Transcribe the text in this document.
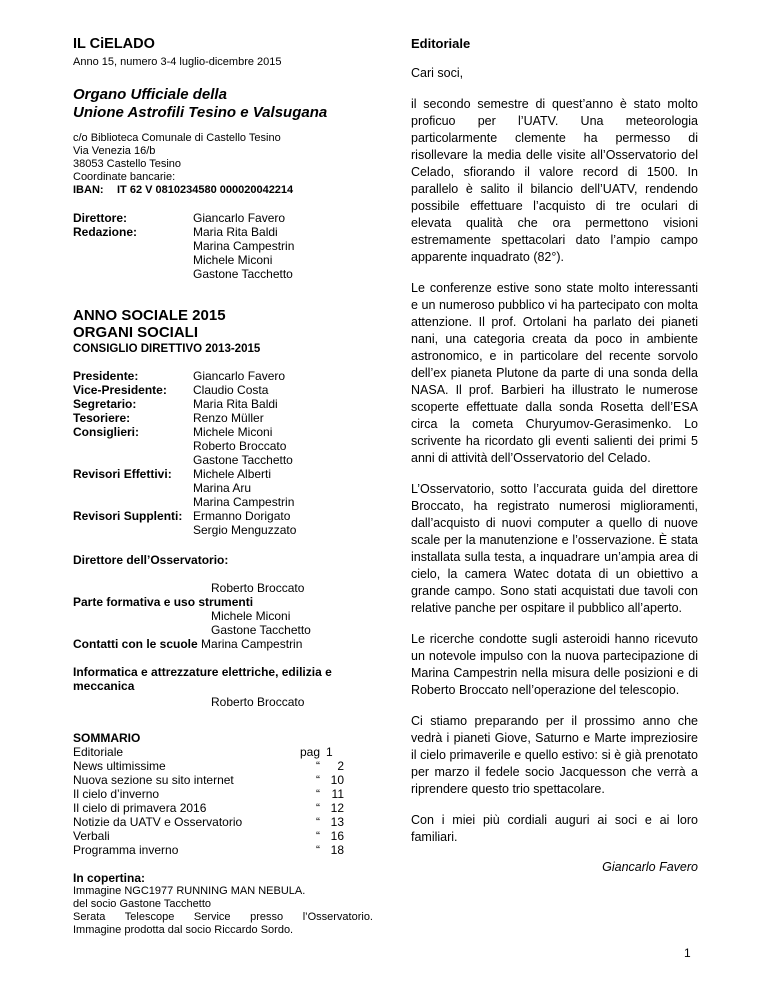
IL CiELADO
Anno 15, numero 3-4 luglio-dicembre 2015
Organo Ufficiale della
Unione Astrofili Tesino e Valsugana
c/o Biblioteca Comunale di Castello Tesino
Via Venezia 16/b
38053 Castello Tesino
Coordinate bancarie:
IBAN: IT 62 V 0810234580 000020042214
Direttore:	Giancarlo Favero
Redazione:	Maria Rita Baldi
Marina Campestrin
Michele Miconi
Gastone Tacchetto
ANNO SOCIALE 2015
ORGANI SOCIALI
CONSIGLIO DIRETTIVO 2013-2015
Presidente:	Giancarlo Favero
Vice-Presidente:	Claudio Costa
Segretario:	Maria Rita Baldi
Tesoriere:	Renzo Müller
Consiglieri:	Michele Miconi
Roberto Broccato
Gastone Tacchetto
Revisori Effettivi:	Michele Alberti
Marina Aru
Marina Campestrin
Revisori Supplenti: Ermanno Dorigato
Sergio Menguzzato
Direttore dell’Osservatorio:
Roberto Broccato
Parte formativa e uso strumenti
Michele Miconi
Gastone Tacchetto
Contatti con le scuole Marina Campestrin
Informatica e attrezzature elettriche, edilizia e
meccanica
Roberto Broccato
SOMMARIO
Editoriale	pag 1
News ultimissime	“	2
Nuova sezione su sito internet	“ 10
Il cielo d’inverno	“ 11
Il cielo di primavera 2016	“ 12
Notizie da UATV e Osservatorio	“ 13
Verbali	“ 16
Programma inverno	“ 18
In copertina:
Immagine NGC1977 RUNNING MAN NEBULA.
del socio Gastone Tacchetto
Serata Telescope Service presso l’Osservatorio.
Immagine prodotta dal socio Riccardo Sordo.
Editoriale

Cari soci,

il secondo semestre di quest’anno è stato molto proficuo per l’UATV. Una meteorologia particolarmente clemente ha permesso di risollevare la media delle visite all’Osservatorio del Celado, sfiorando il valore record di 1500. In parallelo è salito il bilancio dell’UATV, rendendo possibile effettuare l’acquisto di tre oculari di elevata qualità che ora permettono visioni estremamente spettacolari dato l’ampio campo apparente inquadrato (82°).

Le conferenze estive sono state molto interessanti e un numeroso pubblico vi ha partecipato con molta attenzione. Il prof. Ortolani ha parlato dei pianeti nani, una categoria creata da poco in ambiente astronomico, e in particolare del recente sorvolo dell’ex pianeta Plutone da parte di una sonda della NASA. Il prof. Barbieri ha illustrato le numerose scoperte effettuate dalla sonda Rosetta dell’ESA circa la cometa Churyumov-Gerasimenko. Lo scrivente ha ricordato gli eventi salienti dei primi 5 anni di attività dell’Osservatorio del Celado.

L’Osservatorio, sotto l’accurata guida del direttore Broccato, ha registrato numerosi miglioramenti, dall’acquisto di nuovi computer a quello di nuove scale per la manutenzione e l’osservazione. È stata installata sulla testa, a inquadrare un’ampia area di cielo, la camera Watec dotata di un obiettivo a grande campo. Sono stati acquistati due tavoli con relative panche per ospitare il pubblico all’aperto.

Le ricerche condotte sugli asteroidi hanno ricevuto un notevole impulso con la nuova partecipazione di Marina Campestrin nella misura delle posizioni e di Roberto Broccato nell’operazione del telescopio.

Ci stiamo preparando per il prossimo anno che vedrà i pianeti Giove, Saturno e Marte impreziosire il cielo primaverile e quello estivo: si è già prenotato per marzo il fedele socio Jacquesson che verrà a riprendere questo trio spettacolare.

Con i miei più cordiali auguri ai soci e ai loro familiari.

Giancarlo Favero
1
